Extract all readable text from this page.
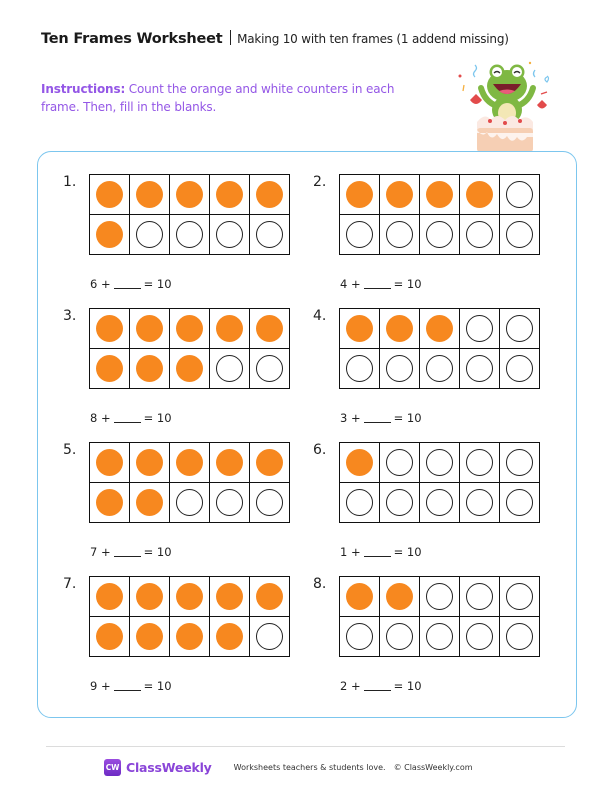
Ten Frames Worksheet Making 10 with ten frames (1 addend missing)
Instructions: Count the orange and white counters in each frame. Then, fill in the blanks.
1.
6 +	= 10
2.
4 +	= 10
3.
8 +	= 10
4.
3 +	= 10
5.
7 +	= 10
6.
1 +	= 10
7.
9 +	= 10
8.
2 +	= 10
CW ClassWeekly	Worksheets teachers & students love. © ClassWeekly.com
